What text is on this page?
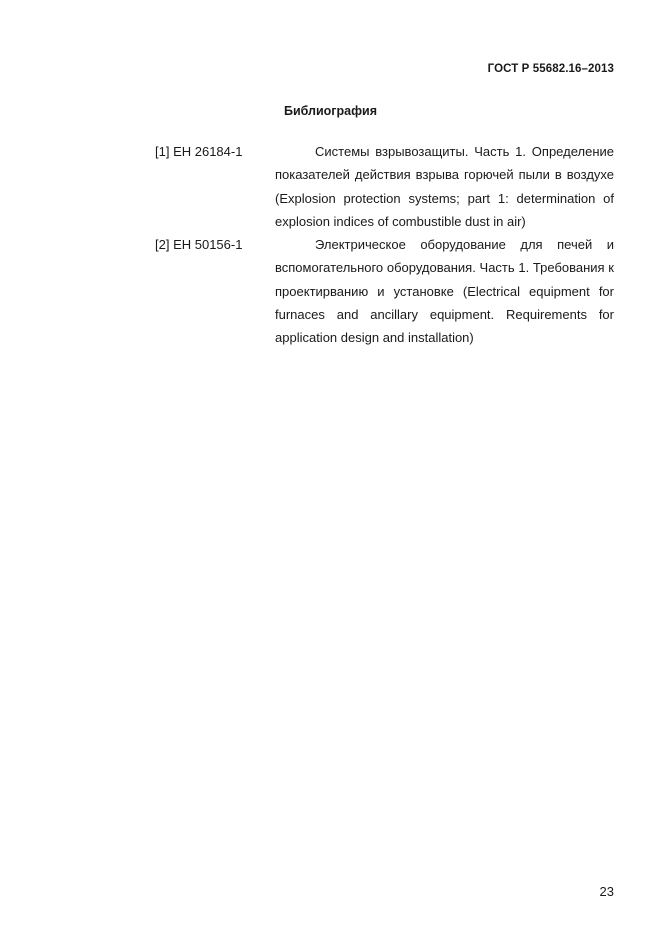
ГОСТ Р 55682.16–2013
Библиография
[1] ЕН 26184-1	Системы взрывозащиты. Часть 1. Определение показателей действия взрыва горючей пыли в воздухе (Explosion protection systems; part 1: determination of explosion indices of combustible dust in air)
[2] ЕН 50156-1	Электрическое оборудование для печей и вспомогательного оборудования. Часть 1. Требования к проектирванию и установке (Electrical equipment for furnaces and ancillary equipment. Requirements for application design and installation)
23
